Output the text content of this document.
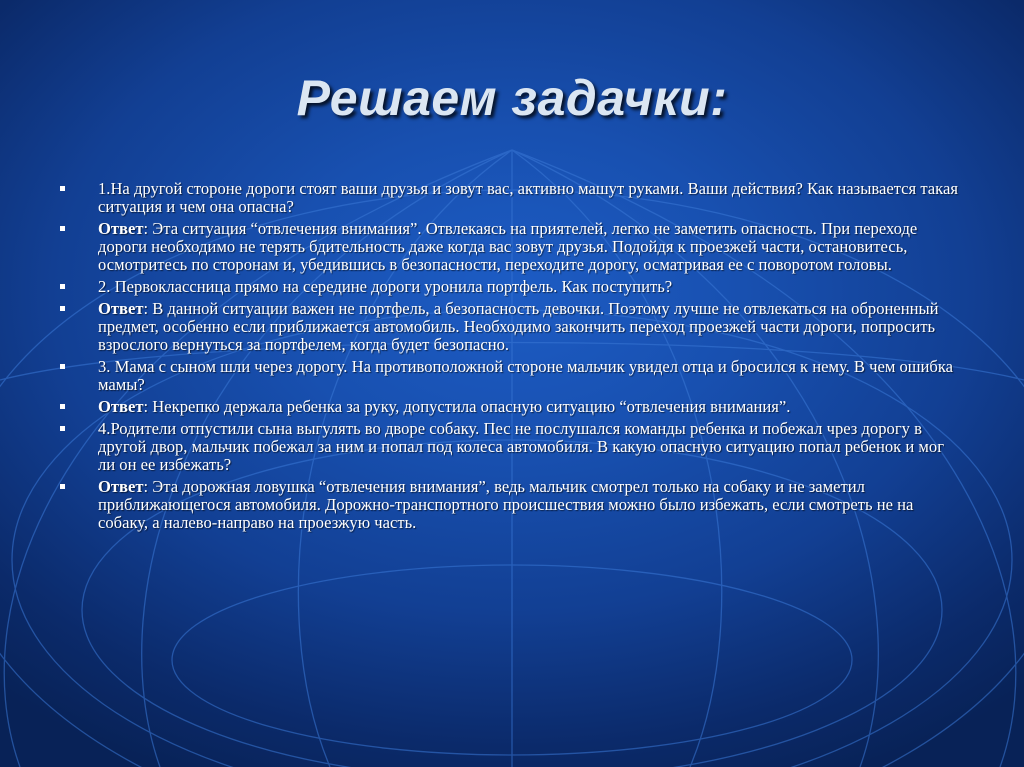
Решаем задачки:
1.На другой стороне дороги стоят ваши друзья и зовут вас, активно машут руками. Ваши действия? Как называется такая ситуация и чем она опасна?
Ответ: Эта ситуация “отвлечения внимания”. Отвлекаясь на приятелей, легко не заметить опасность. При переходе дороги необходимо не терять бдительность даже когда вас зовут друзья. Подойдя к проезжей части, остановитесь, осмотритесь по сторонам и, убедившись в безопасности, переходите дорогу, осматривая ее с поворотом головы.
2. Первоклассница прямо на середине дороги уронила портфель. Как поступить?
Ответ: В данной ситуации важен не портфель, а безопасность девочки. Поэтому лучше не отвлекаться на оброненный предмет, особенно если приближается автомобиль. Необходимо закончить переход проезжей части дороги, попросить взрослого вернуться за портфелем, когда будет безопасно.
3. Мама с сыном шли через дорогу. На противоположной стороне мальчик увидел отца и бросился к нему. В чем ошибка мамы?
Ответ: Некрепко держала ребенка за руку, допустила опасную ситуацию “отвлечения внимания”.
4.Родители отпустили сына выгулять во дворе собаку. Пес не послушался команды ребенка и побежал чрез дорогу в другой двор, мальчик побежал за ним и попал под колеса автомобиля. В какую опасную ситуацию попал ребенок и мог ли он ее избежать?
Ответ: Эта дорожная ловушка “отвлечения внимания”, ведь мальчик смотрел только на собаку и не заметил приближающегося автомобиля. Дорожно-транспортного происшествия можно было избежать, если смотреть не на собаку, а налево-направо на проезжую часть.
